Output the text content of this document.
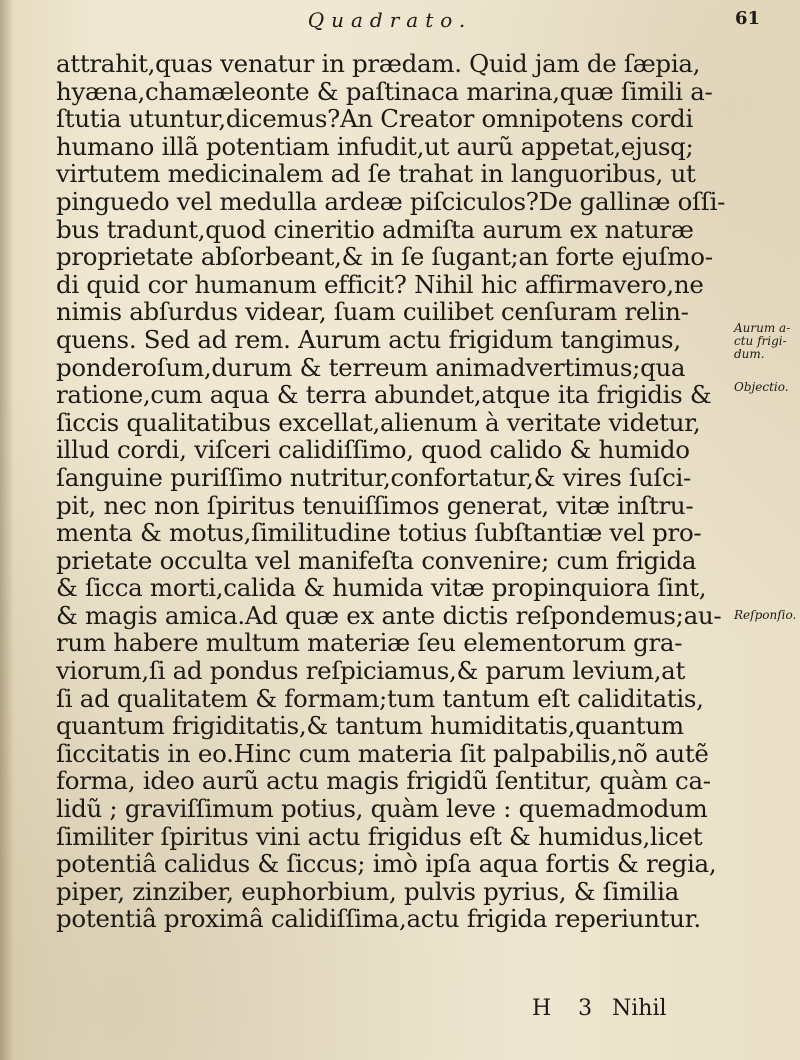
Quadrato.	61
attrahit,quas venatur in prædam. Quid jam de ſæpia,
hyæna,chamæleonte & paſtinaca marina,quæ ſimili a-
ſtutia utuntur,dicemus?An Creator omnipotens cordi
humano illã potentiam infudit,ut aurũ appetat,ejusq;
virtutem medicinalem ad ſe trahat in languoribus, ut
pinguedo vel medulla ardeæ piſciculos?De gallinæ oſſi-
bus tradunt,quod cineritio admiſta aurum ex naturæ
proprietate abſorbeant,& in ſe ſugant;an forte ejuſmo-
di quid cor humanum efficit? Nihil hic affirmavero,ne
nimis abſurdus videar, ſuam cuilibet cenſuram relin-
quens. Sed ad rem. Aurum actu frigidum tangimus,
ponderoſum,durum & terreum animadvertimus;qua
ratione,cum aqua & terra abundet,atque ita frigidis &
ſiccis qualitatibus excellat,alienum à veritate videtur,
illud cordi, viſceri calidiſſimo, quod calido & humido
ſanguine puriſſimo nutritur,confortatur,& vires ſuſci-
pit, nec non ſpiritus tenuiſſimos generat, vitæ inſtru-
menta & motus,ſimilitudine totius ſubſtantiæ vel pro-
prietate occulta vel manifeſta convenire; cum frigida
& ſicca morti,calida & humida vitæ propinquiora ſint,
& magis amica.Ad quæ ex ante dictis reſpondemus;au-
rum habere multum materiæ ſeu elementorum gra-
viorum,ſi ad pondus reſpiciamus,& parum levium,at
ſi ad qualitatem & formam;tum tantum eſt caliditatis,
quantum frigiditatis,& tantum humiditatis,quantum
ſiccitatis in eo.Hinc cum materia ſit palpabilis,nõ autẽ
forma, ideo aurũ actu magis frigidũ ſentitur, quàm ca-
lidũ ; graviſſimum potius, quàm leve : quemadmodum
ſimiliter ſpiritus vini actu frigidus eſt & humidus,licet
potentiâ calidus & ſiccus; imò ipſa aqua fortis & regia,
piper, zinziber, euphorbium, pulvis pyrius, & ſimilia
potentiâ proximâ calidiſſima,actu frigida reperiuntur.
Aurum a-
ctu frigi-
dum.
Objectio.
Reſponſio.
H 3 Nihil
